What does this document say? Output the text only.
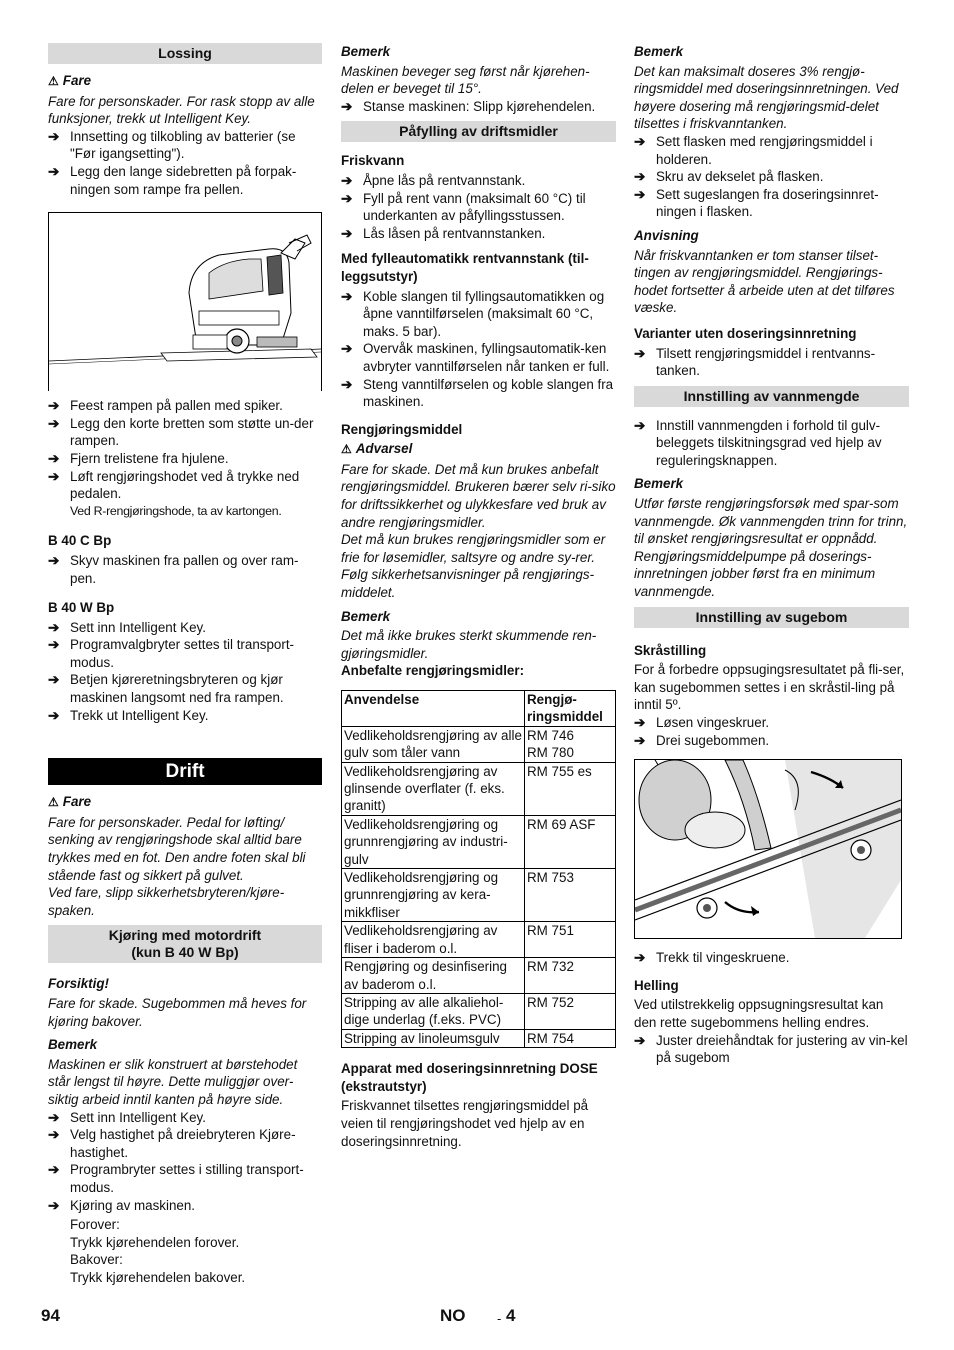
Lossing
⚠ Fare

Fare for personskader. For rask stopp av alle funksjoner, trekk ut Intelligent Key.

➔ Innsetting og tilkobling av batterier (se "Før igangsetting").
➔ Legg den lange sidebretten på forpak-ningen som rampe fra pellen.
➔ Feest rampen på pallen med spiker.
➔ Legg den korte bretten som støtte un-der rampen.
➔ Fjern trelistene fra hjulene.
➔ Løft rengjøringshodet ved å trykke ned pedalen.

Ved R-rengjøringshode, ta av kartongen.

B 40 C Bp
➔ Skyv maskinen fra pallen og over ram-pen.
B 40 W Bp
➔ Sett inn Intelligent Key.
➔ Programvalgbryter settes til transport-modus.
➔ Betjen kjøreretningsbryteren og kjør maskinen langsomt ned fra rampen.
➔ Trekk ut Intelligent Key.
Drift
⚠ Fare

Fare for personskader. Pedal for løfting/ senking av rengjøringshode skal alltid bare trykkes med en fot. Den andre foten skal bli stående fast og sikkert på gulvet.

Ved fare, slipp sikkerhetsbryteren/kjøre-spaken.

Kjøring med motordrift
(kun B 40 W Bp)
Forsiktig!

Fare for skade. Sugebommen må heves for kjøring bakover.

Bemerk

Maskinen er slik konstruert at børstehodet står lengst til høyre. Dette muliggjør over-siktig arbeid inntil kanten på høyre side.

➔ Sett inn Intelligent Key.
➔ Velg hastighet på dreiebryteren Kjøre-hastighet.
➔ Programbryter settes i stilling transport-modus.
➔ Kjøring av maskinen.

Forover:

Trykk kjørehendelen forover.

Bakover:

Trykk kjørehendelen bakover.

Bemerk

Maskinen beveger seg først når kjørehen-delen er beveget til 15°.

➔ Stanse maskinen: Slipp kjørehendelen.
Påfylling av driftsmidler
Friskvann
➔ Åpne lås på rentvannstank.
➔ Fyll på rent vann (maksimalt 60 °C) til underkanten av påfyllingsstussen.
➔ Lås låsen på rentvannstanken.
Med fylleautomatikk rentvannstank (til-leggsutstyr)
➔ Koble slangen til fyllingsautomatikken og åpne vanntilførselen (maksimalt 60 °C, maks. 5 bar).
➔ Overvåk maskinen, fyllingsautomatik-ken avbryter vanntilførselen når tanken er full.
➔ Steng vanntilførselen og koble slangen fra maskinen.
Rengjøringsmiddel
⚠ Advarsel

Fare for skade. Det må kun brukes anbefalt rengjøringsmiddel. Brukeren bærer selv ri-siko for driftssikkerhet og ulykkesfare ved bruk av andre rengjøringsmidler.

Det må kun brukes rengjøringsmidler som er frie for løsemidler, saltsyre og andre sy-rer.

Følg sikkerhetsanvisninger på rengjørings-middelet.

Bemerk

Det må ikke brukes sterkt skummende ren-gjøringsmidler.

Anbefalte rengjøringsmidler:
Anvendelse	Rengjø-ringsmiddel
Vedlikeholdsrengjøring av alle gulv som tåler vann	RM 746
RM 780
Vedlikeholdsrengjøring av glinsende overflater (f. eks. granitt)	RM 755 es
Vedlikeholdsrengjøring og grunnrengjøring av industri-gulv	RM 69 ASF
Vedlikeholdsrengjøring og grunnrengjøring av kera-mikkfliser	RM 753
Vedlikeholdsrengjøring av fliser i baderom o.l.	RM 751
Rengjøring og desinfisering av baderom o.l.	RM 732
Stripping av alle alkaliehol-dige underlag (f.eks. PVC)	RM 752
Stripping av linoleumsgulv	RM 754
Apparat med doseringsinnretning DOSE (ekstrautstyr)

Friskvannet tilsettes rengjøringsmiddel på veien til rengjøringshodet ved hjelp av en doseringsinnretning.

Bemerk

Det kan maksimalt doseres 3% rengjø-ringsmiddel med doseringsinnretningen. Ved høyere dosering må rengjøringsmid-delet tilsettes i friskvanntanken.

➔ Sett flasken med rengjøringsmiddel i holderen.
➔ Skru av dekselet på flasken.
➔ Sett sugeslangen fra doseringsinnret-ningen i flasken.
Anvisning

Når friskvanntanken er tom stanser tilset-tingen av rengjøringsmiddel. Rengjørings-hodet fortsetter å arbeide uten at det tilføres væske.

Varianter uten doseringsinnretning
➔ Tilsett rengjøringsmiddel i rentvanns-tanken.
Innstilling av vannmengde
➔ Innstill vannmengden i forhold til gulv-beleggets tilskitningsgrad ved hjelp av reguleringsknappen.
Bemerk

Utfør første rengjøringsforsøk med spar-som vannmengde. Øk vannmengden trinn for trinn, til ønsket rengjøringsresultat er oppnådd.

Rengjøringsmiddelpumpe på doserings-innretningen jobber først fra en minimum vannmengde.

Innstilling av sugebom
Skråstilling

For å forbedre oppsugingsresultatet på fli-ser, kan sugebommen settes i en skråstil-ling på inntil 5º.

➔ Løsen vingeskruer.
➔ Drei sugebommen.
➔ Trekk til vingeskruene.
Helling

Ved utilstrekkelig oppsugningsresultat kan den rette sugebommens helling endres.

➔ Juster dreiehåndtak for justering av vin-kel på sugebom
94	NO - 4
